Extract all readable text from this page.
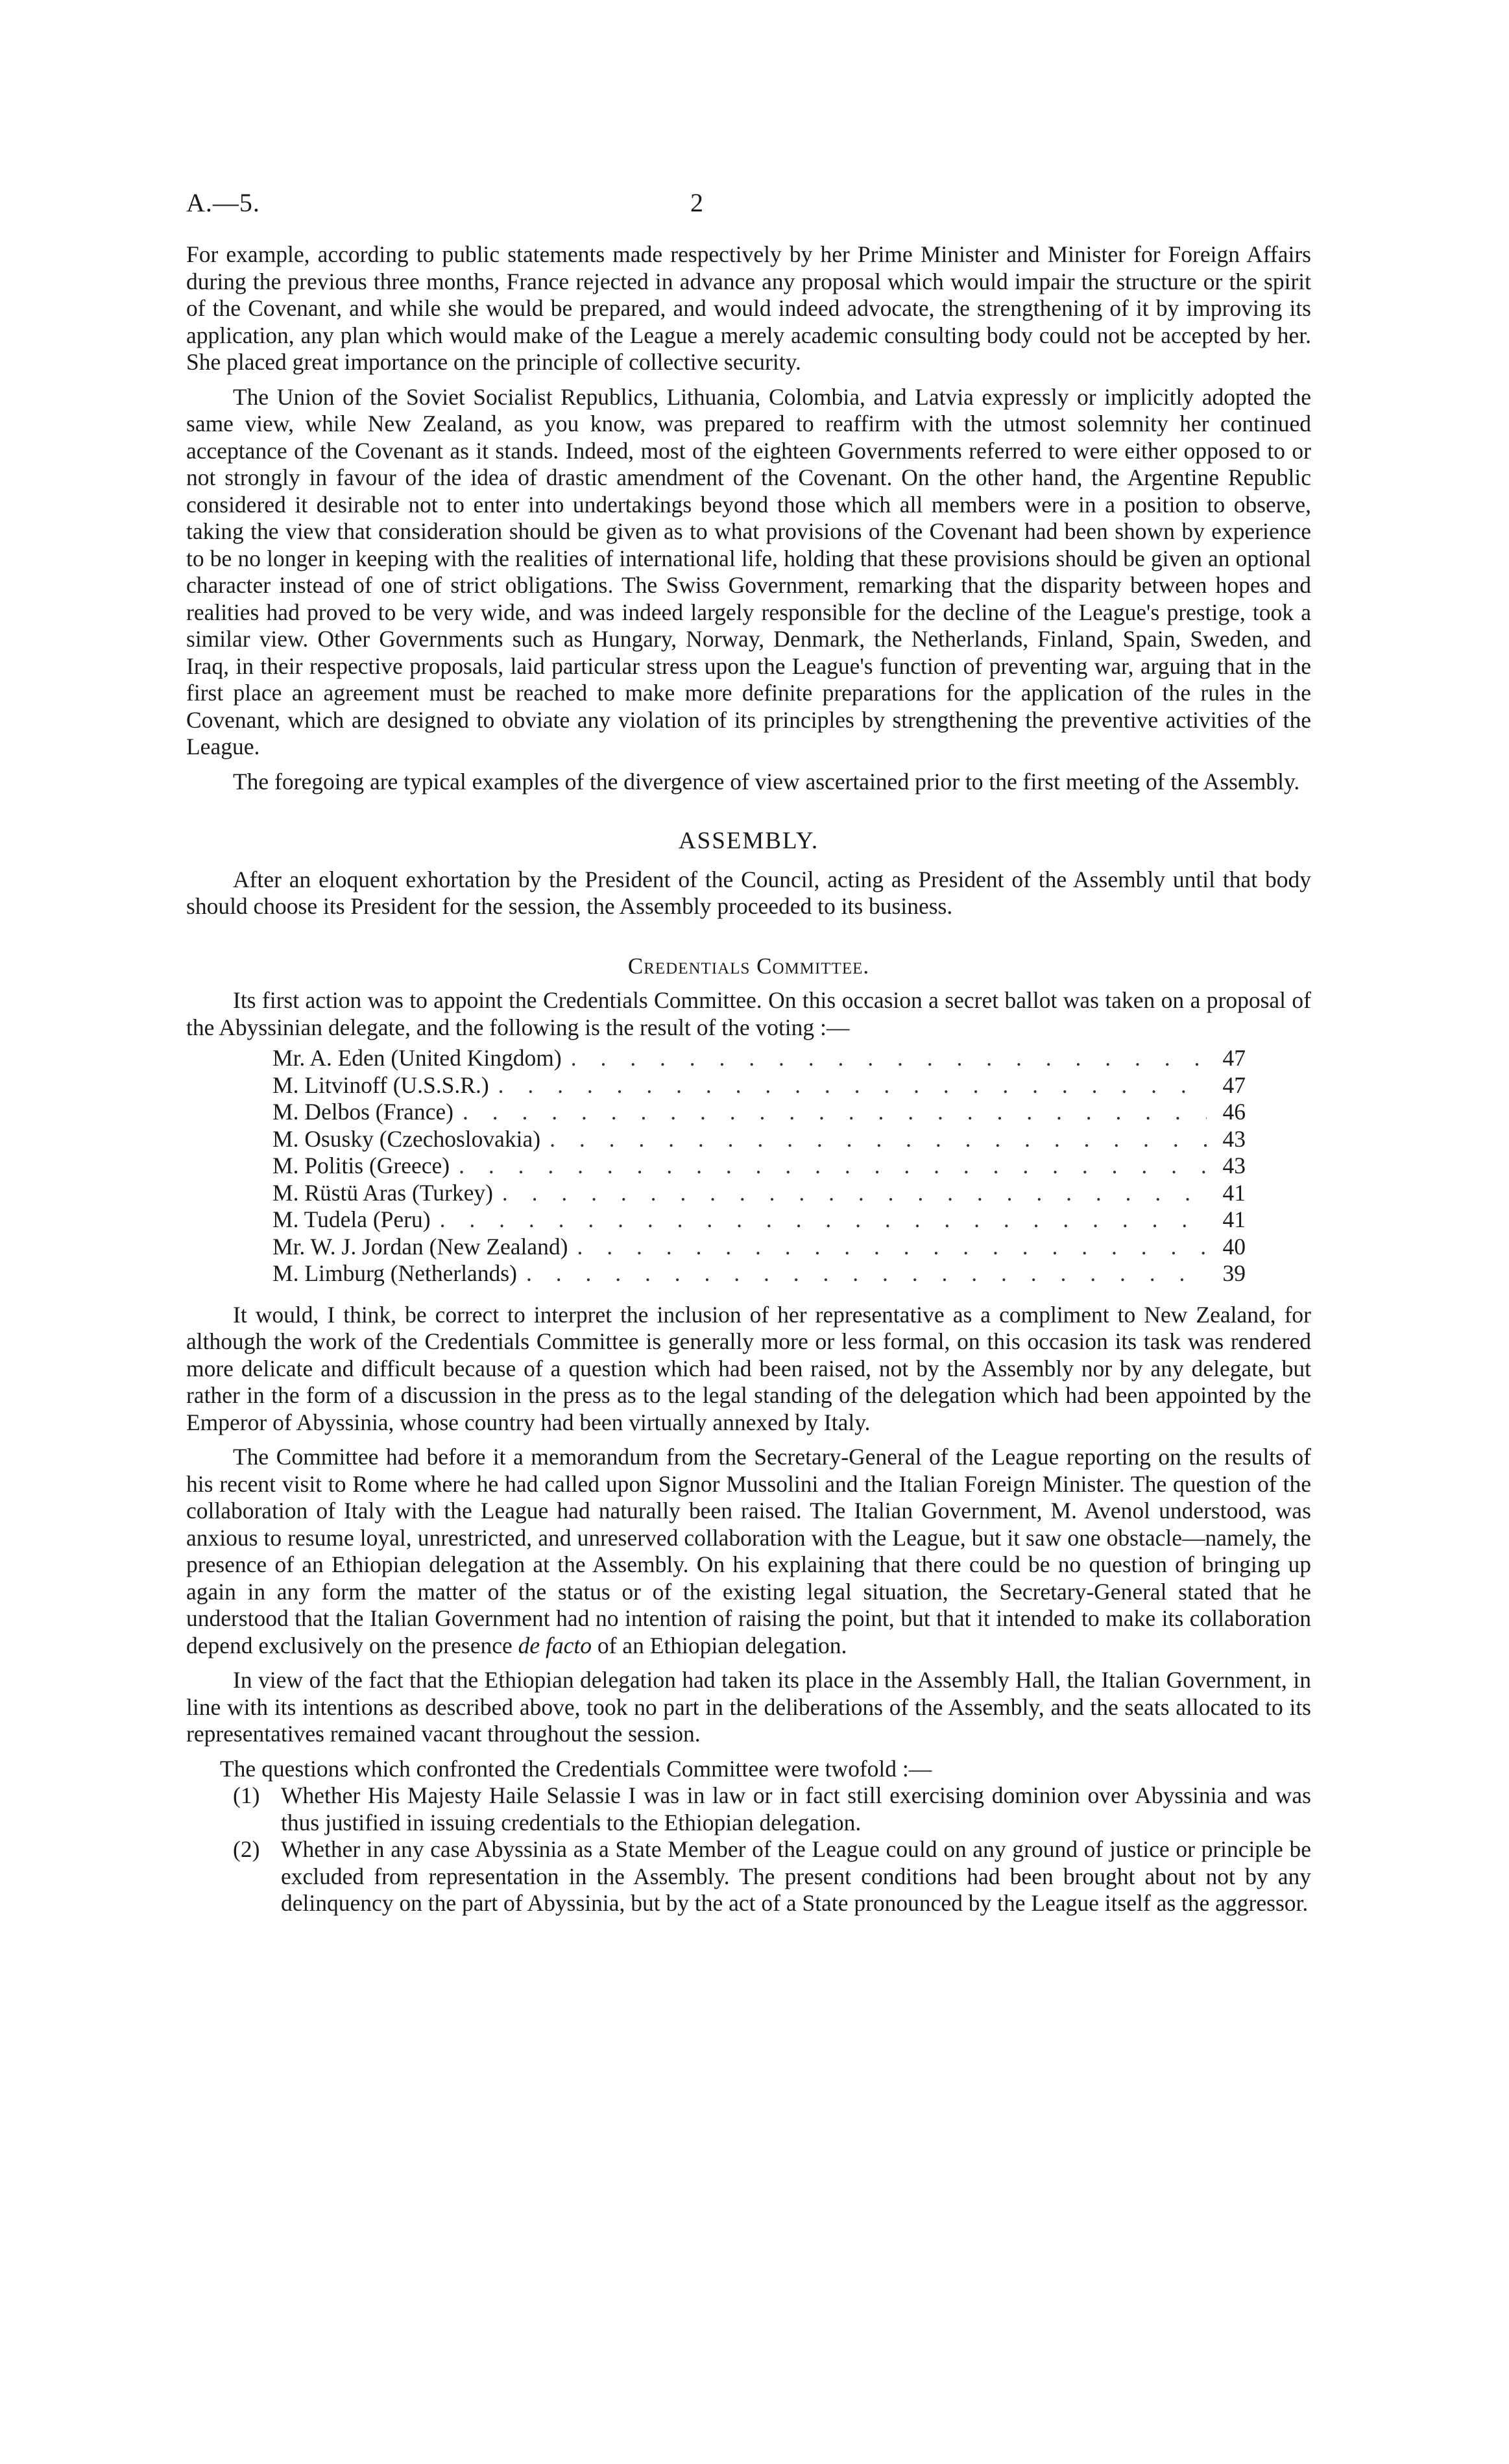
A.—5.	2

For example, according to public statements made respectively by her Prime Minister and Minister for Foreign Affairs during the previous three months, France rejected in advance any proposal which would impair the structure or the spirit of the Covenant, and while she would be prepared, and would indeed advocate, the strengthening of it by improving its application, any plan which would make of the League a merely academic consulting body could not be accepted by her. She placed great importance on the principle of collective security.

The Union of the Soviet Socialist Republics, Lithuania, Colombia, and Latvia expressly or implicitly adopted the same view, while New Zealand, as you know, was prepared to reaffirm with the utmost solemnity her continued acceptance of the Covenant as it stands. Indeed, most of the eighteen Governments referred to were either opposed to or not strongly in favour of the idea of drastic amendment of the Covenant. On the other hand, the Argentine Republic considered it desirable not to enter into undertakings beyond those which all members were in a position to observe, taking the view that consideration should be given as to what provisions of the Covenant had been shown by experience to be no longer in keeping with the realities of international life, holding that these provisions should be given an optional character instead of one of strict obligations. The Swiss Government, remarking that the disparity between hopes and realities had proved to be very wide, and was indeed largely responsible for the decline of the League's prestige, took a similar view. Other Governments such as Hungary, Norway, Denmark, the Netherlands, Finland, Spain, Sweden, and Iraq, in their respective proposals, laid particular stress upon the League's function of preventing war, arguing that in the first place an agreement must be reached to make more definite preparations for the application of the rules in the Covenant, which are designed to obviate any violation of its principles by strengthening the preventive activities of the League.

The foregoing are typical examples of the divergence of view ascertained prior to the first meeting of the Assembly.

ASSEMBLY.

After an eloquent exhortation by the President of the Council, acting as President of the Assembly until that body should choose its President for the session, the Assembly proceeded to its business.

Credentials Committee.

Its first action was to appoint the Credentials Committee. On this occasion a secret ballot was taken on a proposal of the Abyssinian delegate, and the following is the result of the voting :—

Mr. A. Eden (United Kingdom) . . .	47
M. Litvinoff (U.S.S.R.) . . .	47
M. Delbos (France) . . .	46
M. Osusky (Czechoslovakia) . . .	43
M. Politis (Greece) . . .	43
M. Rüstü Aras (Turkey) . . .	41
M. Tudela (Peru) . . .	41
Mr. W. J. Jordan (New Zealand) . . .	40
M. Limburg (Netherlands) . . .	39

It would, I think, be correct to interpret the inclusion of her representative as a compliment to New Zealand, for although the work of the Credentials Committee is generally more or less formal, on this occasion its task was rendered more delicate and difficult because of a question which had been raised, not by the Assembly nor by any delegate, but rather in the form of a discussion in the press as to the legal standing of the delegation which had been appointed by the Emperor of Abyssinia, whose country had been virtually annexed by Italy.

The Committee had before it a memorandum from the Secretary-General of the League reporting on the results of his recent visit to Rome where he had called upon Signor Mussolini and the Italian Foreign Minister. The question of the collaboration of Italy with the League had naturally been raised. The Italian Government, M. Avenol understood, was anxious to resume loyal, unrestricted, and unreserved collaboration with the League, but it saw one obstacle—namely, the presence of an Ethiopian delegation at the Assembly. On his explaining that there could be no question of bringing up again in any form the matter of the status or of the existing legal situation, the Secretary-General stated that he understood that the Italian Government had no intention of raising the point, but that it intended to make its collaboration depend exclusively on the presence de facto of an Ethiopian delegation.

In view of the fact that the Ethiopian delegation had taken its place in the Assembly Hall, the Italian Government, in line with its intentions as described above, took no part in the deliberations of the Assembly, and the seats allocated to its representatives remained vacant throughout the session.

The questions which confronted the Credentials Committee were twofold :—

(1) Whether His Majesty Haile Selassie I was in law or in fact still exercising dominion over Abyssinia and was thus justified in issuing credentials to the Ethiopian delegation.
(2) Whether in any case Abyssinia as a State Member of the League could on any ground of justice or principle be excluded from representation in the Assembly. The present conditions had been brought about not by any delinquency on the part of Abyssinia, but by the act of a State pronounced by the League itself as the aggressor.
